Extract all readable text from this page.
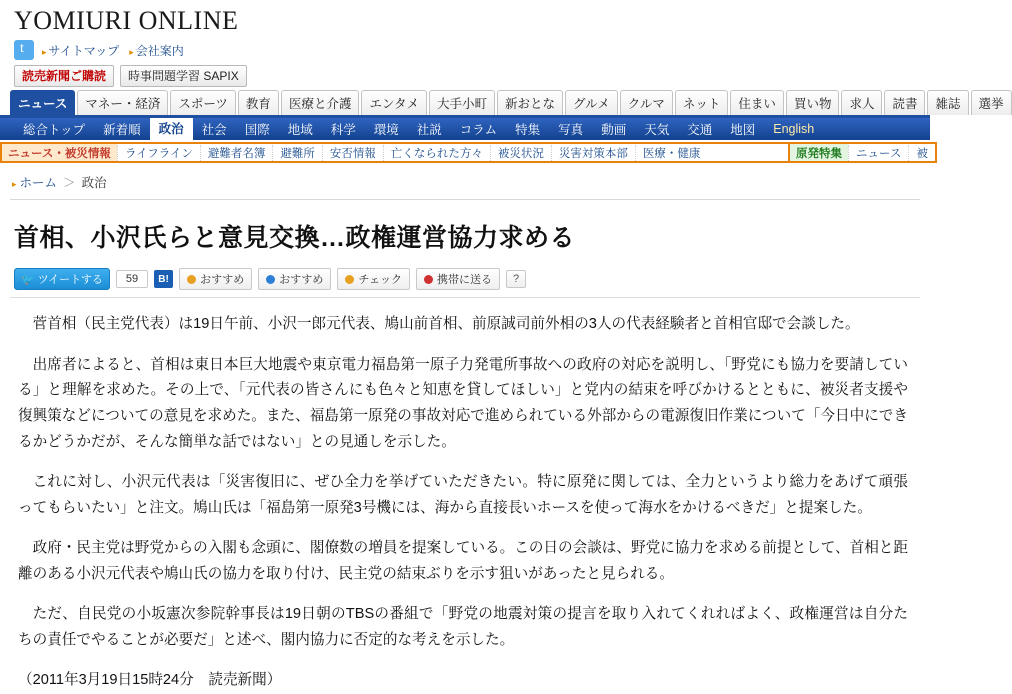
YOMIURI ONLINE
t
▸ サイトマップ	▸ 会社案内
読売新聞ご購読	時事問題学習 SAPIX
ニュース	マネー・経済	スポーツ	教育	医療と介護	エンタメ	大手小町	新おとな	グルメ	クルマ	ネット	住まい	買い物	求人	読書	雑誌	選挙
総合トップ	新着順	政治	社会	国際	地域	科学	環境	社説	コラム	特集	写真	動画	天気	交通	地図	English
ニュース・被災情報	ライフライン	避難者名簿	避難所	安否情報	亡くなられた方々	被災状況	災害対策本部	医療・健康	原発特集	ニュース	被
▸ ホーム ＞ 政治
首相、小沢氏らと意見交換…政権運営協力求める
🐦 ツイートする	59	B!	おすすめ	おすすめ	チェック	携帯に送る	?

菅首相（民主党代表）は19日午前、小沢一郎元代表、鳩山前首相、前原誠司前外相の3人の代表経験者と首相官邸で会談した。

出席者によると、首相は東日本巨大地震や東京電力福島第一原子力発電所事故への政府の対応を説明し、「野党にも協力を要請している」と理解を求めた。その上で、「元代表の皆さんにも色々と知恵を貸してほしい」と党内の結束を呼びかけるとともに、被災者支援や復興策などについての意見を求めた。また、福島第一原発の事故対応で進められている外部からの電源復旧作業について「今日中にできるかどうかだが、そんな簡単な話ではない」との見通しを示した。

これに対し、小沢元代表は「災害復旧に、ぜひ全力を挙げていただきたい。特に原発に関しては、全力というより総力をあげて頑張ってもらいたい」と注文。鳩山氏は「福島第一原発3号機には、海から直接長いホースを使って海水をかけるべきだ」と提案した。

政府・民主党は野党からの入閣も念頭に、閣僚数の増員を提案している。この日の会談は、野党に協力を求める前提として、首相と距離のある小沢元代表や鳩山氏の協力を取り付け、民主党の結束ぶりを示す狙いがあったと見られる。

ただ、自民党の小坂憲次参院幹事長は19日朝のTBSの番組で「野党の地震対策の提言を取り入れてくれればよく、政権運営は自分たちの責任でやることが必要だ」と述べ、閣内協力に否定的な考えを示した。

（2011年3月19日15時24分　読売新聞）
